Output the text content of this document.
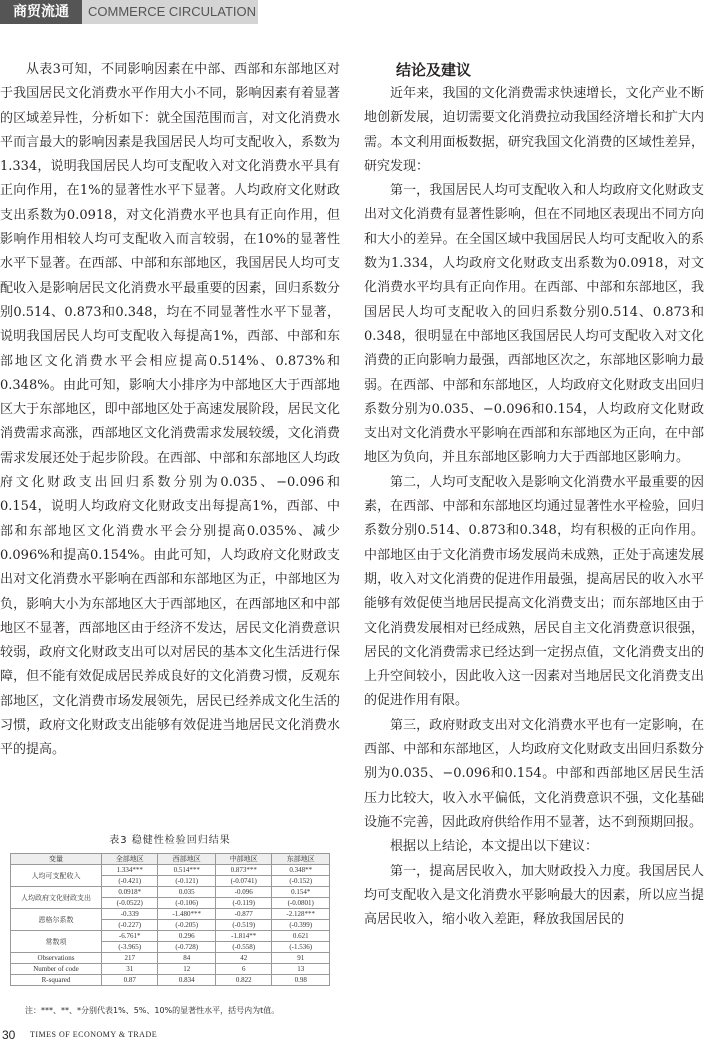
商贸流通	COMMERCE CIRCULATION

从表3可知，不同影响因素在中部、西部和东部地区对于我国居民文化消费水平作用大小不同，影响因素有着显著的区域差异性，分析如下：就全国范围而言，对文化消费水平而言最大的影响因素是我国居民人均可支配收入，系数为1.334，说明我国居民人均可支配收入对文化消费水平具有正向作用，在1%的显著性水平下显著。人均政府文化财政支出系数为0.0918，对文化消费水平也具有正向作用，但影响作用相较人均可支配收入而言较弱，在10%的显著性水平下显著。在西部、中部和东部地区，我国居民人均可支配收入是影响居民文化消费水平最重要的因素，回归系数分别0.514、0.873和0.348，均在不同显著性水平下显著，说明我国居民人均可支配收入每提高1%，西部、中部和东部地区文化消费水平会相应提高0.514%、0.873%和0.348%。由此可知，影响大小排序为中部地区大于西部地区大于东部地区，即中部地区处于高速发展阶段，居民文化消费需求高涨，西部地区文化消费需求发展较缓，文化消费需求发展还处于起步阶段。在西部、中部和东部地区人均政府文化财政支出回归系数分别为0.035、−0.096和0.154，说明人均政府文化财政支出每提高1%，西部、中部和东部地区文化消费水平会分别提高0.035%、减少0.096%和提高0.154%。由此可知，人均政府文化财政支出对文化消费水平影响在西部和东部地区为正，中部地区为负，影响大小为东部地区大于西部地区，在西部地区和中部地区不显著，西部地区由于经济不发达，居民文化消费意识较弱，政府文化财政支出可以对居民的基本文化生活进行保障，但不能有效促成居民养成良好的文化消费习惯，反观东部地区，文化消费市场发展领先，居民已经养成文化生活的习惯，政府文化财政支出能够有效促进当地居民文化消费水平的提高。

表3 稳健性检验回归结果
变量	全部地区	西部地区	中部地区	东部地区
人均可支配收入	1.334***	0.514***	0.873***	0.348**
	(-0.421)	(-0.121)	(-0.0741)	(-0.152)
人均政府文化财政支出	0.0918*	0.035	-0.096	0.154*
	(-0.0522)	(-0.106)	(-0.119)	(-0.0801)
恩格尔系数	-0.339	-1.480***	-0.877	-2.128***
	(-0.227)	(-0.205)	(-0.519)	(-0.399)
常数项	-6.761*	0.296	-1.814**	0.621
	(-3.965)	(-0.728)	(-0.558)	(-1.536)
Observations	217	84	42	91
Number of code	31	12	6	13
R-squared	0.87	0.834	0.822	0.98
注：***、**、*分别代表1%、5%、10%的显著性水平，括号内为t值。
结论及建议

近年来，我国的文化消费需求快速增长，文化产业不断地创新发展，迫切需要文化消费拉动我国经济增长和扩大内需。本文利用面板数据，研究我国文化消费的区域性差异，研究发现：

第一，我国居民人均可支配收入和人均政府文化财政支出对文化消费有显著性影响，但在不同地区表现出不同方向和大小的差异。在全国区域中我国居民人均可支配收入的系数为1.334，人均政府文化财政支出系数为0.0918，对文化消费水平均具有正向作用。在西部、中部和东部地区，我国居民人均可支配收入的回归系数分别0.514、0.873和0.348，很明显在中部地区我国居民人均可支配收入对文化消费的正向影响力最强，西部地区次之，东部地区影响力最弱。在西部、中部和东部地区，人均政府文化财政支出回归系数分别为0.035、−0.096和0.154，人均政府文化财政支出对文化消费水平影响在西部和东部地区为正向，在中部地区为负向，并且东部地区影响力大于西部地区影响力。

第二，人均可支配收入是影响文化消费水平最重要的因素，在西部、中部和东部地区均通过显著性水平检验，回归系数分别0.514、0.873和0.348，均有积极的正向作用。中部地区由于文化消费市场发展尚未成熟，正处于高速发展期，收入对文化消费的促进作用最强，提高居民的收入水平能够有效促使当地居民提高文化消费支出；而东部地区由于文化消费发展相对已经成熟，居民自主文化消费意识很强，居民的文化消费需求已经达到一定拐点值，文化消费支出的上升空间较小，因此收入这一因素对当地居民文化消费支出的促进作用有限。

第三，政府财政支出对文化消费水平也有一定影响，在西部、中部和东部地区，人均政府文化财政支出回归系数分别为0.035、−0.096和0.154。中部和西部地区居民生活压力比较大，收入水平偏低，文化消费意识不强，文化基础设施不完善，因此政府供给作用不显著，达不到预期回报。

根据以上结论，本文提出以下建议：

第一，提高居民收入，加大财政投入力度。我国居民人均可支配收入是文化消费水平影响最大的因素，所以应当提高居民收入，缩小收入差距，释放我国居民的

30 TIMES OF ECONOMY & TRADE
